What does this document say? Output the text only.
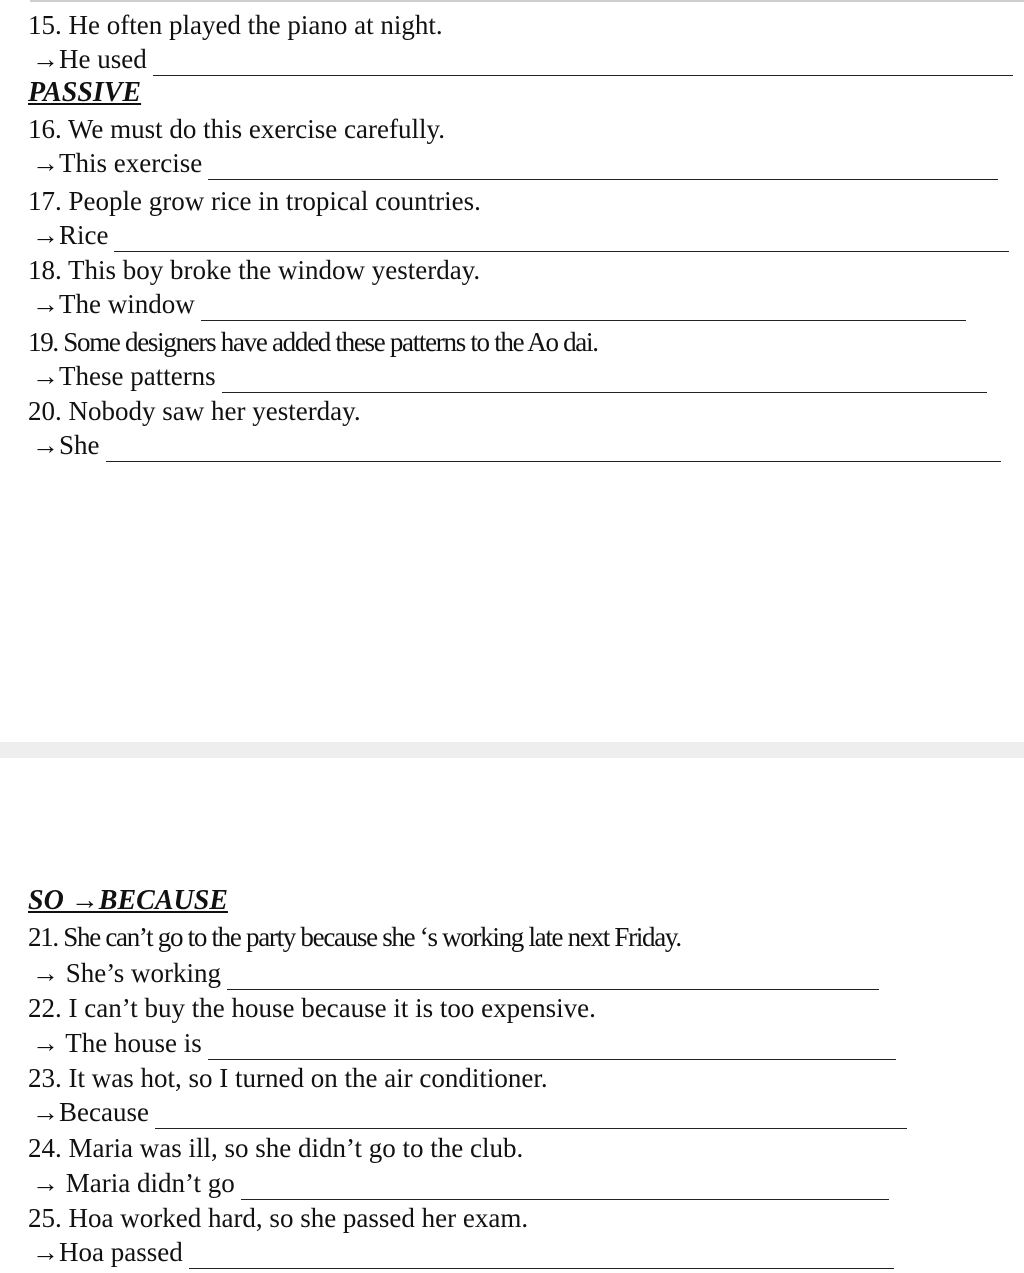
15. He often played the piano at night.
→He used
PASSIVE
16. We must do this exercise carefully.
→This exercise
17. People grow rice in tropical countries.
→Rice
18. This boy broke the window yesterday.
→The window
19. Some designers have added these patterns to the Ao dai.
→These patterns
20. Nobody saw her yesterday.
→She
SO →BECAUSE
21. She can’t go to the party because she ‘s working late next Friday.
→ She’s working
22. I can’t buy the house because it is too expensive.
→ The house is
23. It was hot, so I turned on the air conditioner.
→Because
24. Maria was ill, so she didn’t go to the club.
→ Maria didn’t go
25. Hoa worked hard, so she passed her exam.
→Hoa passed
